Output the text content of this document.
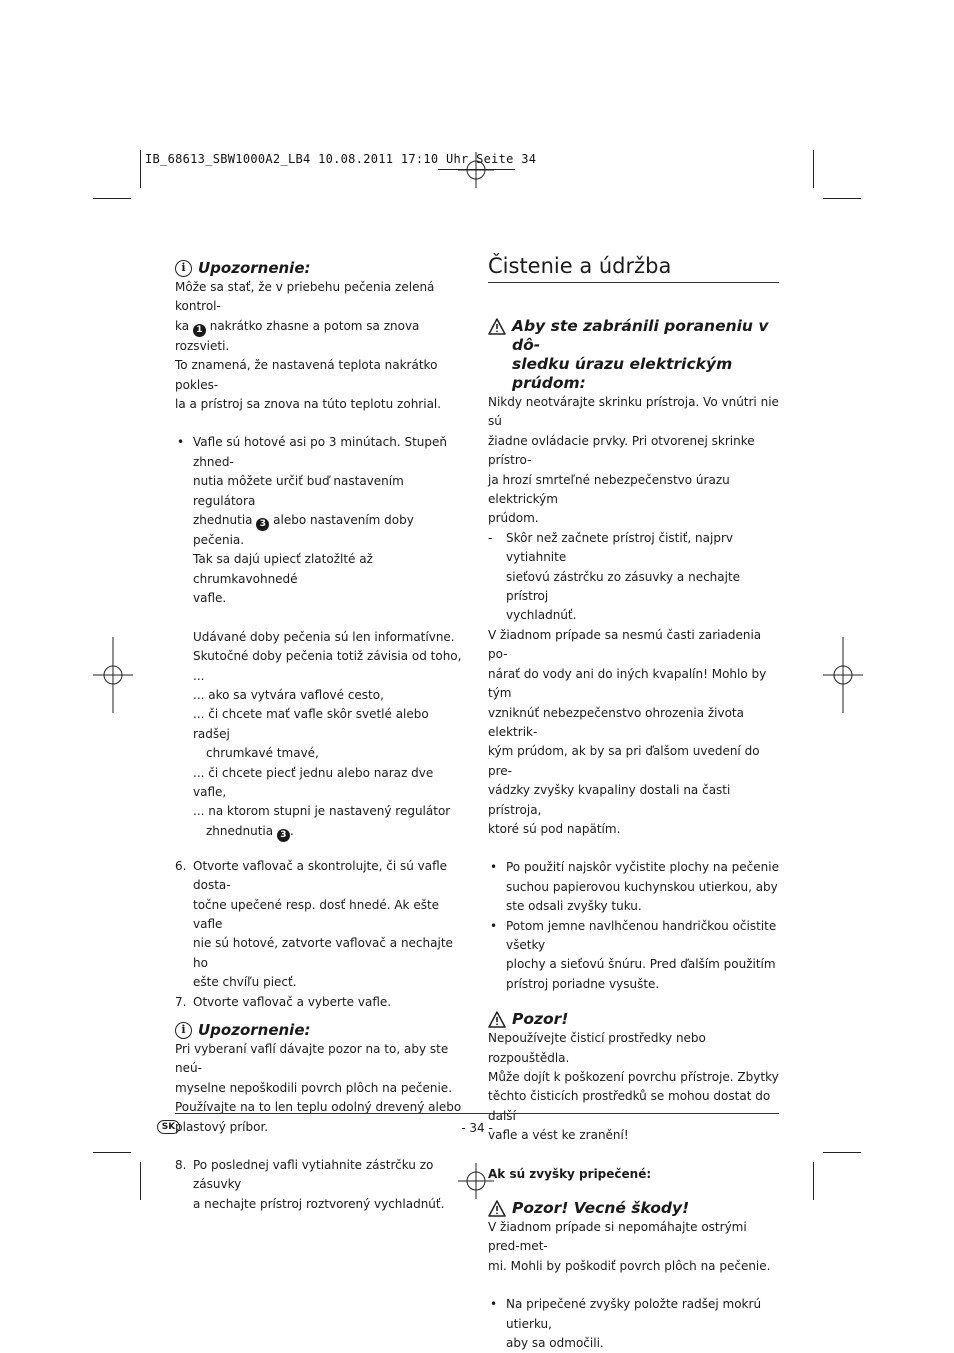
IB_68613_SBW1000A2_LB4 10.08.2011 17:10 Uhr Seite 34
i Upozornenie:

Môže sa stať, že v priebehu pečenia zelená kontrol-

ka 1 nakrátko zhasne a potom sa znova rozsvieti.

To znamená, že nastavená teplota nakrátko pokles-

la a prístroj sa znova na túto teplotu zohrial.

• Vafle sú hotové asi po 3 minútach. Stupeň zhned-

nutia môžete určiť buď nastavením regulátora

zhednutia 3 alebo nastavením doby pečenia.

Tak sa dajú upiecť zlatožlté až chrumkavohnedé

vafle.

Udávané doby pečenia sú len informatívne.

Skutočné doby pečenia totiž závisia od toho, ...

... ako sa vytvára vaflové cesto,

... či chcete mať vafle skôr svetlé alebo radšej

chrumkavé tmavé,

... či chcete piecť jednu alebo naraz dve vafle,

... na ktorom stupni je nastavený regulátor

zhnednutia 3 .

6. Otvorte vaflovač a skontrolujte, či sú vafle dosta-

točne upečené resp. dosť hnedé. Ak ešte vafle

nie sú hotové, zatvorte vaflovač a nechajte ho

ešte chvíľu piecť.

7. Otvorte vaflovač a vyberte vafle.

i Upozornenie:

Pri vyberaní vaflí dávajte pozor na to, aby ste neú-

myselne nepoškodili povrch plôch na pečenie.

Používajte na to len teplu odolný drevený alebo

plastový príbor.

8. Po poslednej vafli vytiahnite zástrčku zo zásuvky

a nechajte prístroj roztvorený vychladnúť.

Čistenie a údržba
Aby ste zabránili poraneniu v dô-
sledku úrazu elektrickým prúdom:

Nikdy neotvárajte skrinku prístroja. Vo vnútri nie sú

žiadne ovládacie prvky. Pri otvorenej skrinke prístro-

ja hrozí smrteľné nebezpečenstvo úrazu elektrickým

prúdom.

- Skôr než začnete prístroj čistiť, najprv vytiahnite

sieťovú zástrčku zo zásuvky a nechajte prístroj

vychladnúť.

V žiadnom prípade sa nesmú časti zariadenia po-

nárať do vody ani do iných kvapalín! Mohlo by tým

vzniknúť nebezpečenstvo ohrozenia života elektrik-

kým prúdom, ak by sa pri ďalšom uvedení do pre-

vádzky zvyšky kvapaliny dostali na časti prístroja,

ktoré sú pod napätím.

• Po použití najskôr vyčistite plochy na pečenie

suchou papierovou kuchynskou utierkou, aby

ste odsali zvyšky tuku.

• Potom jemne navlhčenou handričkou očistite všetky

plochy a sieťovú šnúru. Pred ďalším použitím

prístroj poriadne vysušte.

Pozor!

Nepoužívejte čisticí prostředky nebo rozpouštědla.

Může dojít k poškození povrchu přístroje. Zbytky

těchto čisticích prostředků se mohou dostat do další

vafle a vést ke zranění!

Ak sú zvyšky pripečené:

Pozor! Vecné škody!

V žiadnom prípade si nepomáhajte ostrými pred-met-

mi. Mohli by poškodiť povrch plôch na pečenie.

• Na pripečené zvyšky položte radšej mokrú utierku,

aby sa odmočili.

SK	- 34 -
